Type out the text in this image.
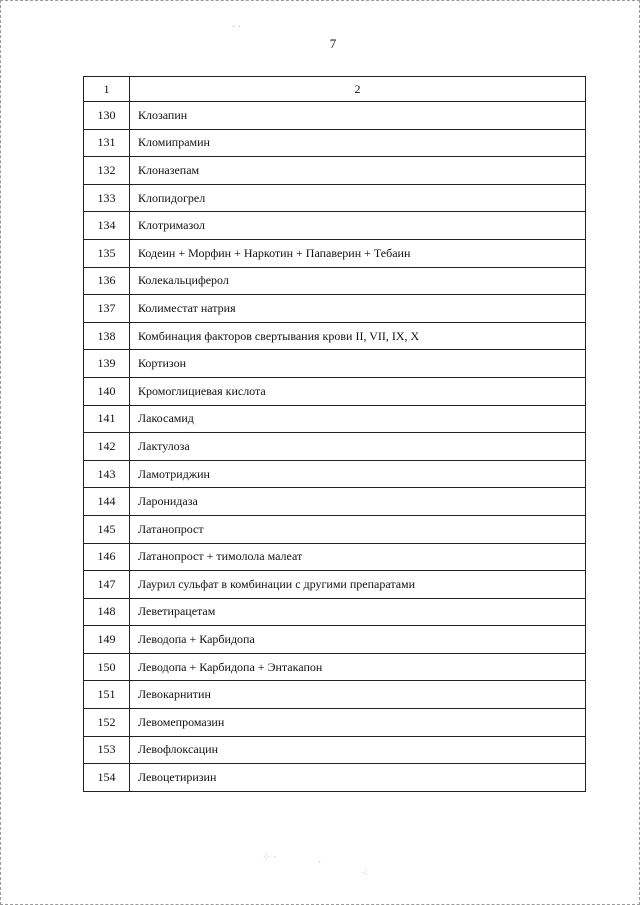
7
1	2
130	Клозапин
131	Кломипрамин
132	Клоназепам
133	Клопидогрел
134	Клотримазол
135	Кодеин + Морфин + Наркотин + Папаверин + Тебаин
136	Колекальциферол
137	Колиместат натрия
138	Комбинация факторов свертывания крови II, VII, IX, X
139	Кортизон
140	Кромоглициевая кислота
141	Лакосамид
142	Лактулоза
143	Ламотриджин
144	Ларонидаза
145	Латанопрост
146	Латанопрост + тимолола малеат
147	Лаурил сульфат в комбинации с другими препаратами
148	Леветирацетам
149	Леводопа + Карбидопа
150	Леводопа + Карбидопа + Энтакапон
151	Левокарнитин
152	Левомепромазин
153	Левофлоксацин
154	Левоцетиризин
· ·
⁘ ·
·
⁖
